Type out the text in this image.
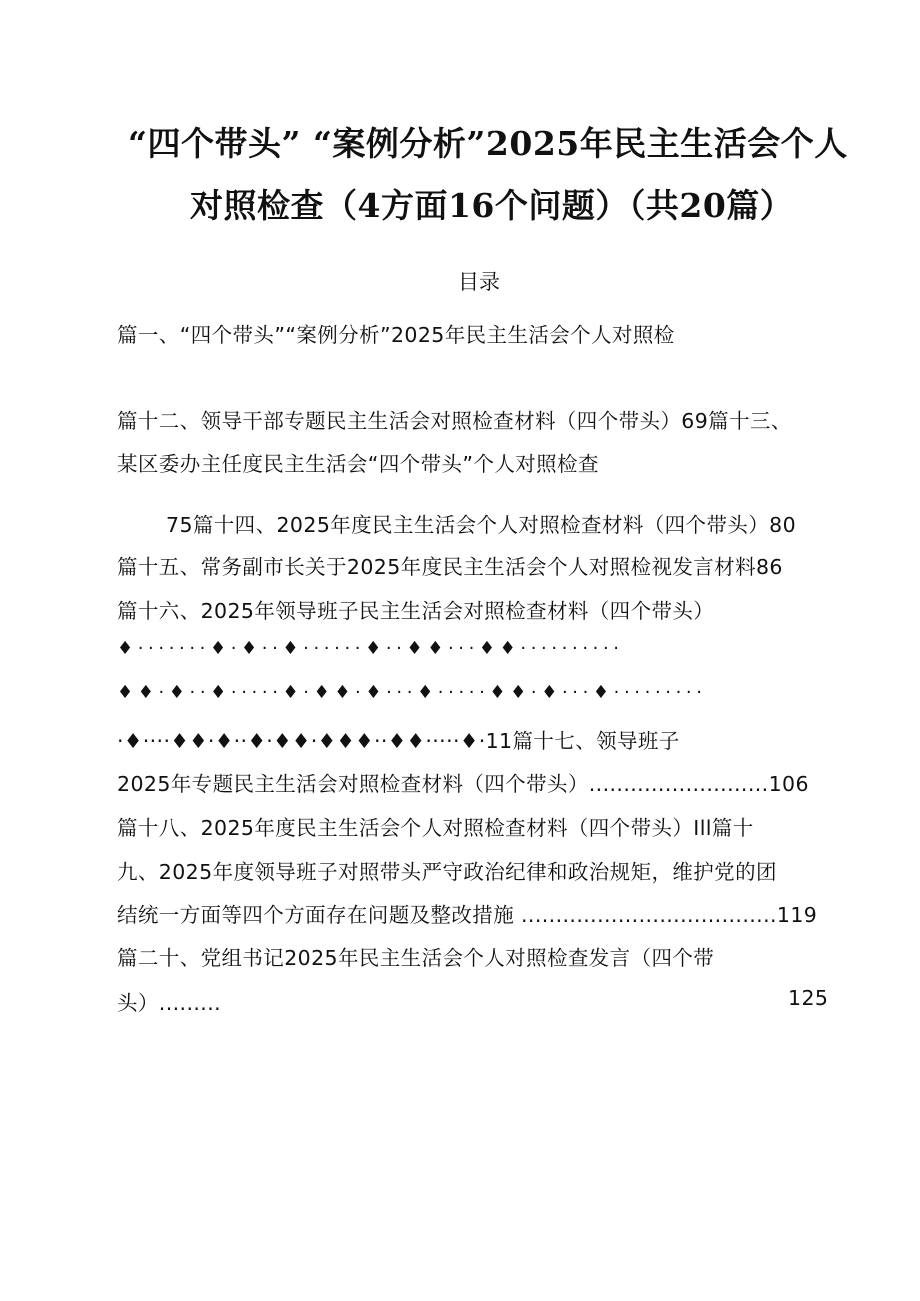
“四个带头” “案例分析”2025年民主生活会个人
对照检查（4方面16个问题）（共20篇）
目录
篇一、“四个带头”“案例分析”2025年民主生活会个人对照检
篇十二、领导干部专题民主生活会对照检查材料（四个带头）69篇十三、
某区委办主任度民主生活会“四个带头”个人对照检查
75篇十四、2025年度民主生活会个人对照检查材料（四个带头）80
篇十五、常务副市长关于2025年度民主生活会个人对照检视发言材料86
篇十六、2025年领导班子民主生活会对照检查材料（四个带头）
♦·······♦·♦··♦······♦··♦♦···♦♦··········
♦♦·♦··♦·····♦·♦♦·♦···♦·····♦♦·♦···♦·········
·♦····♦♦·♦··♦·♦♦·♦♦♦··♦♦·····♦·11篇十七、领导班子
2025年专题民主生活会对照检查材料（四个带头）..........................106
篇十八、2025年度民主生活会个人对照检查材料（四个带头）Ill篇十
九、2025年度领导班子对照带头严守政治纪律和政治规矩，维护党的团
结统一方面等四个方面存在问题及整改措施 .....................................119
篇二十、党组书记2025年民主生活会个人对照检查发言（四个带
头）.........	125
